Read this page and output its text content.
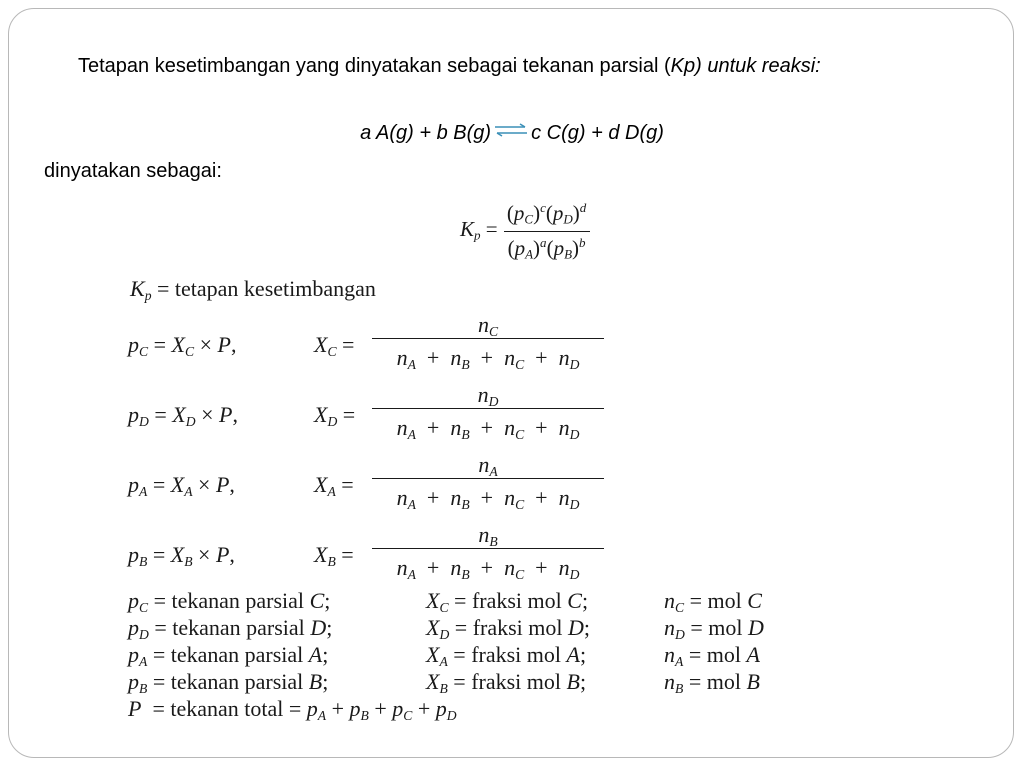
Tetapan kesetimbangan yang dinyatakan sebagai tekanan parsial (Kp) untuk reaksi:
a A(g) + b B(g) ⇌ c C(g) + d D(g)
dinyatakan sebagai:
$K_p = \frac{(p_C)^c(p_D)^d}{(p_A)^a(p_B)^b}$
$K_p$ = tetapan kesetimbangan
$p_C = X_C \times P$,	$X_C$ =
$n_C$
$n_A + n_B + n_C + n_D$
$p_D = X_D \times P$,	$X_D$ =
$n_D$
$n_A + n_B + n_C + n_D$
$p_A = X_A \times P$,	$X_A$ =
$n_A$
$n_A + n_B + n_C + n_D$
$p_B = X_B \times P$,	$X_B$ =
$n_B$
$n_A + n_B + n_C + n_D$
$p_C$ = tekanan parsial C;	$X_C$ = fraksi mol C;	$n_C$ = mol C
$p_D$ = tekanan parsial D;	$X_D$ = fraksi mol D;	$n_D$ = mol D
$p_A$ = tekanan parsial A;	$X_A$ = fraksi mol A;	$n_A$ = mol A
$p_B$ = tekanan parsial B;	$X_B$ = fraksi mol B;	$n_B$ = mol B
P = tekanan total = $p_A + p_B + p_C + p_D$
